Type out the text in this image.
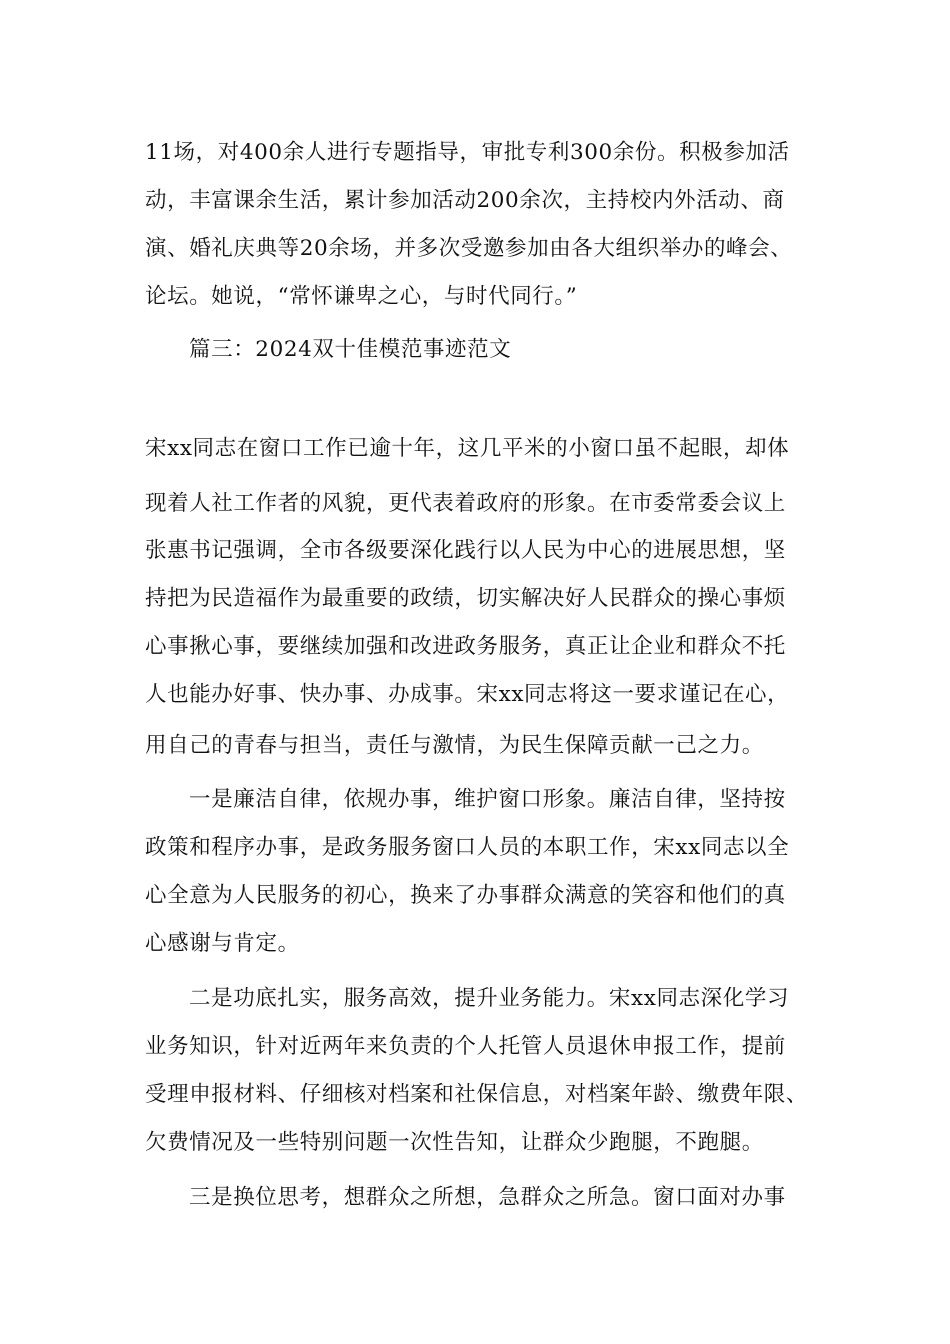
11场，对400余人进行专题指导，审批专利300余份。积极参加活
动，丰富课余生活，累计参加活动200余次，主持校内外活动、商
演、婚礼庆典等20余场，并多次受邀参加由各大组织举办的峰会、
论坛。她说，“常怀谦卑之心，与时代同行。”
篇三：2024双十佳模范事迹范文
宋xx同志在窗口工作已逾十年，这几平米的小窗口虽不起眼，却体
现着人社工作者的风貌，更代表着政府的形象。在市委常委会议上
张惠书记强调，全市各级要深化践行以人民为中心的进展思想，坚
持把为民造福作为最重要的政绩，切实解决好人民群众的操心事烦
心事揪心事，要继续加强和改进政务服务，真正让企业和群众不托
人也能办好事、快办事、办成事。宋xx同志将这一要求谨记在心，
用自己的青春与担当，责任与激情，为民生保障贡献一己之力。
一是廉洁自律，依规办事，维护窗口形象。廉洁自律，坚持按
政策和程序办事，是政务服务窗口人员的本职工作，宋xx同志以全
心全意为人民服务的初心，换来了办事群众满意的笑容和他们的真
心感谢与肯定。
二是功底扎实，服务高效，提升业务能力。宋xx同志深化学习
业务知识，针对近两年来负责的个人托管人员退休申报工作，提前
受理申报材料、仔细核对档案和社保信息，对档案年龄、缴费年限、
欠费情况及一些特别问题一次性告知，让群众少跑腿，不跑腿。
三是换位思考，想群众之所想，急群众之所急。窗口面对办事
